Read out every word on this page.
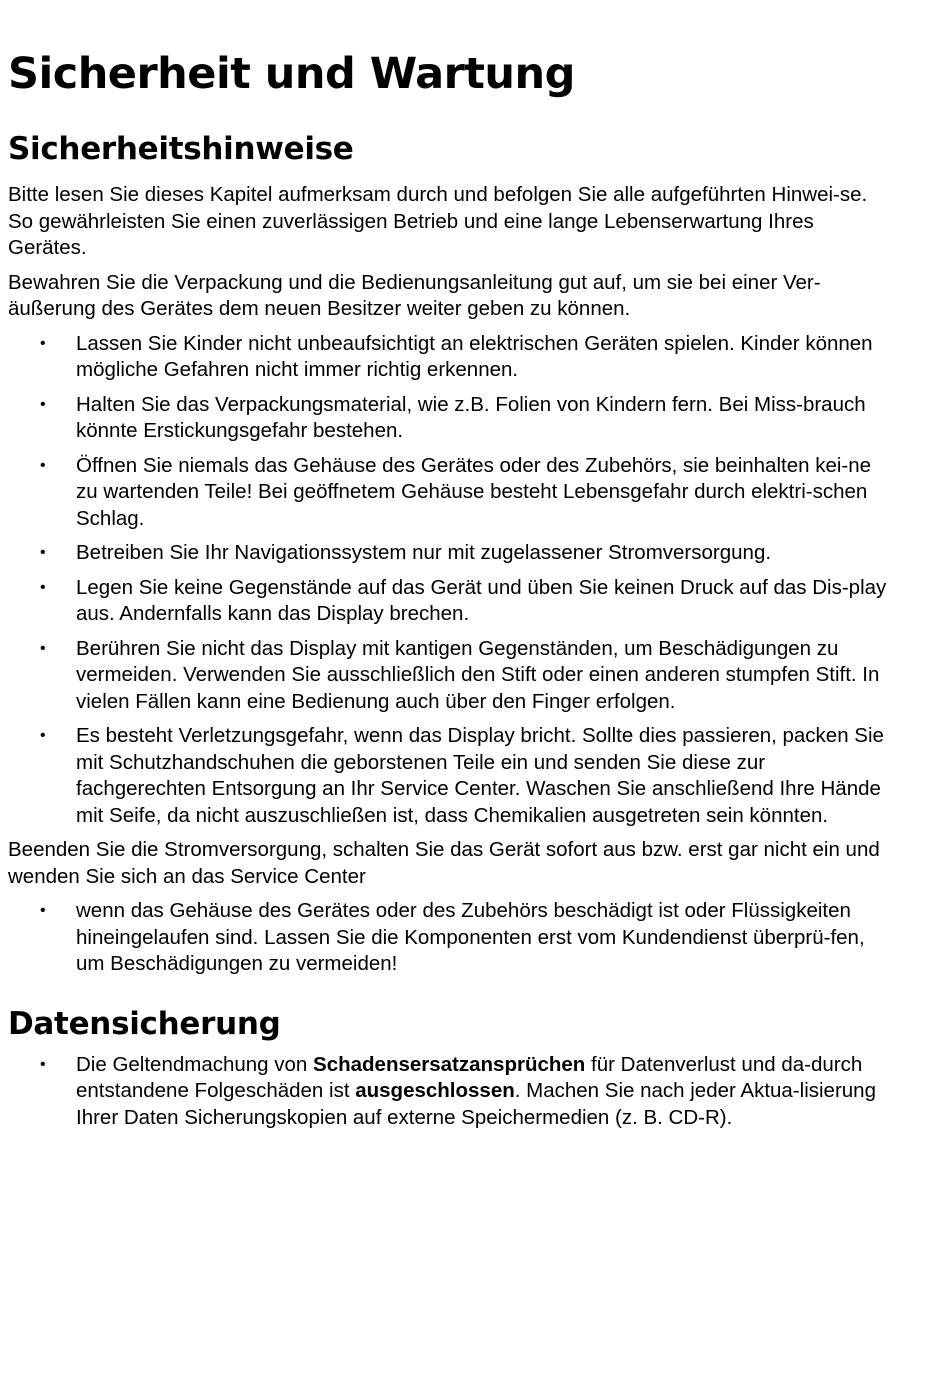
Sicherheit und Wartung
Sicherheitshinweise

Bitte lesen Sie dieses Kapitel aufmerksam durch und befolgen Sie alle aufgeführten Hinwei-se. So gewährleisten Sie einen zuverlässigen Betrieb und eine lange Lebenserwartung Ihres Gerätes.

Bewahren Sie die Verpackung und die Bedienungsanleitung gut auf, um sie bei einer Ver-äußerung des Gerätes dem neuen Besitzer weiter geben zu können.

• Lassen Sie Kinder nicht unbeaufsichtigt an elektrischen Geräten spielen. Kinder können mögliche Gefahren nicht immer richtig erkennen.
• Halten Sie das Verpackungsmaterial, wie z.B. Folien von Kindern fern. Bei Miss-brauch könnte Erstickungsgefahr bestehen.
• Öffnen Sie niemals das Gehäuse des Gerätes oder des Zubehörs, sie beinhalten kei-ne zu wartenden Teile! Bei geöffnetem Gehäuse besteht Lebensgefahr durch elektri-schen Schlag.
• Betreiben Sie Ihr Navigationssystem nur mit zugelassener Stromversorgung.
• Legen Sie keine Gegenstände auf das Gerät und üben Sie keinen Druck auf das Dis-play aus. Andernfalls kann das Display brechen.
• Berühren Sie nicht das Display mit kantigen Gegenständen, um Beschädigungen zu vermeiden. Verwenden Sie ausschließlich den Stift oder einen anderen stumpfen Stift. In vielen Fällen kann eine Bedienung auch über den Finger erfolgen.
• Es besteht Verletzungsgefahr, wenn das Display bricht. Sollte dies passieren, packen Sie mit Schutzhandschuhen die geborstenen Teile ein und senden Sie diese zur fachgerechten Entsorgung an Ihr Service Center. Waschen Sie anschließend Ihre Hände mit Seife, da nicht auszuschließen ist, dass Chemikalien ausgetreten sein könnten.

Beenden Sie die Stromversorgung, schalten Sie das Gerät sofort aus bzw. erst gar nicht ein und wenden Sie sich an das Service Center

• wenn das Gehäuse des Gerätes oder des Zubehörs beschädigt ist oder Flüssigkeiten hineingelaufen sind. Lassen Sie die Komponenten erst vom Kundendienst überprü-fen, um Beschädigungen zu vermeiden!
Datensicherung
• Die Geltendmachung von Schadensersatzansprüchen für Datenverlust und da-durch entstandene Folgeschäden ist ausgeschlossen. Machen Sie nach jeder Aktua-lisierung Ihrer Daten Sicherungskopien auf externe Speichermedien (z. B. CD-R).
